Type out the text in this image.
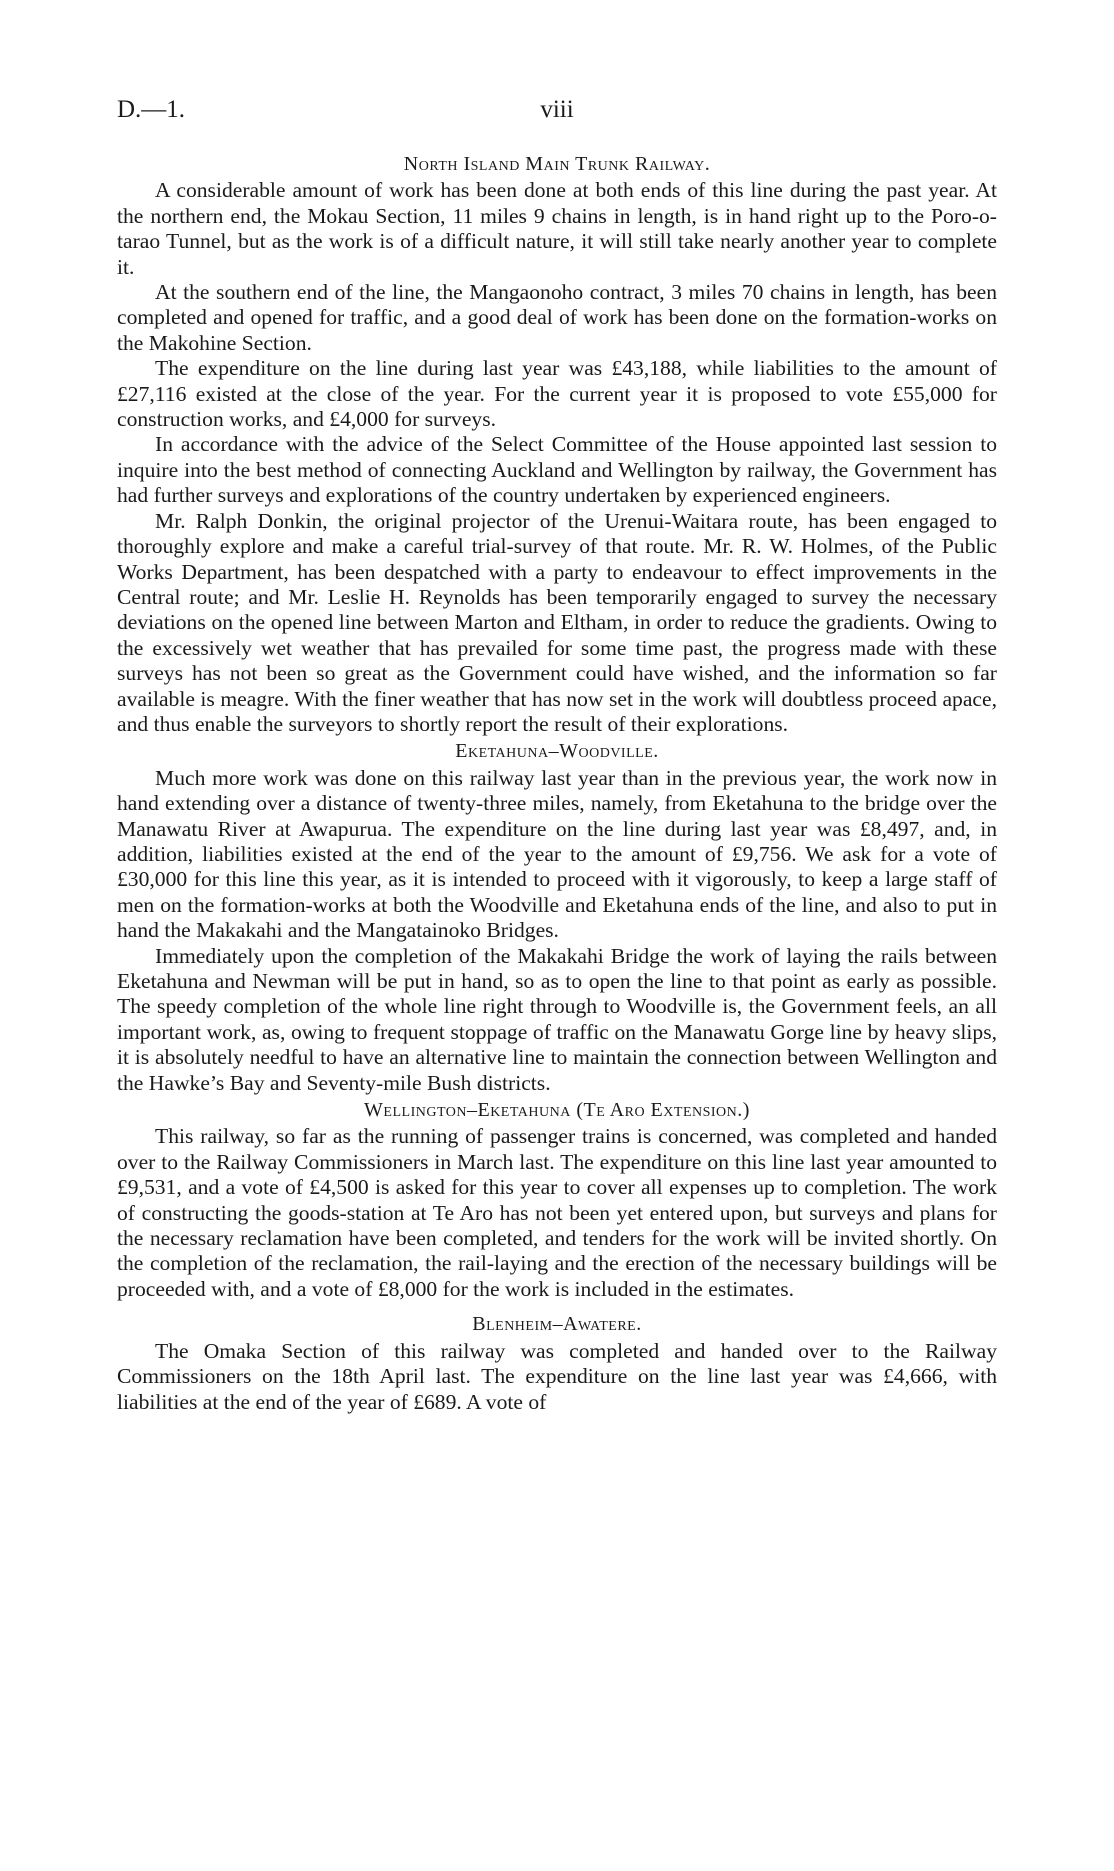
D.—1.	viii
North Island Main Trunk Railway.

A considerable amount of work has been done at both ends of this line during the past year. At the northern end, the Mokau Section, 11 miles 9 chains in length, is in hand right up to the Poro-o-tarao Tunnel, but as the work is of a difficult nature, it will still take nearly another year to complete it.

At the southern end of the line, the Mangaonoho contract, 3 miles 70 chains in length, has been completed and opened for traffic, and a good deal of work has been done on the formation-works on the Makohine Section.

The expenditure on the line during last year was £43,188, while liabilities to the amount of £27,116 existed at the close of the year. For the current year it is proposed to vote £55,000 for construction works, and £4,000 for surveys.

In accordance with the advice of the Select Committee of the House appointed last session to inquire into the best method of connecting Auckland and Wellington by railway, the Government has had further surveys and explorations of the country undertaken by experienced engineers.

Mr. Ralph Donkin, the original projector of the Urenui-Waitara route, has been engaged to thoroughly explore and make a careful trial-survey of that route. Mr. R. W. Holmes, of the Public Works Department, has been despatched with a party to endeavour to effect improvements in the Central route; and Mr. Leslie H. Reynolds has been temporarily engaged to survey the necessary deviations on the opened line between Marton and Eltham, in order to reduce the gradients. Owing to the excessively wet weather that has prevailed for some time past, the progress made with these surveys has not been so great as the Government could have wished, and the information so far available is meagre. With the finer weather that has now set in the work will doubtless proceed apace, and thus enable the surveyors to shortly report the result of their explorations.

Eketahuna–Woodville.

Much more work was done on this railway last year than in the previous year, the work now in hand extending over a distance of twenty-three miles, namely, from Eketahuna to the bridge over the Manawatu River at Awapurua. The expenditure on the line during last year was £8,497, and, in addition, liabilities existed at the end of the year to the amount of £9,756. We ask for a vote of £30,000 for this line this year, as it is intended to proceed with it vigorously, to keep a large staff of men on the formation-works at both the Woodville and Eketahuna ends of the line, and also to put in hand the Makakahi and the Mangatainoko Bridges.

Immediately upon the completion of the Makakahi Bridge the work of laying the rails between Eketahuna and Newman will be put in hand, so as to open the line to that point as early as possible. The speedy completion of the whole line right through to Woodville is, the Government feels, an all important work, as, owing to frequent stoppage of traffic on the Manawatu Gorge line by heavy slips, it is absolutely needful to have an alternative line to maintain the connection between Wellington and the Hawke’s Bay and Seventy-mile Bush districts.

Wellington–Eketahuna (Te Aro Extension.)

This railway, so far as the running of passenger trains is concerned, was completed and handed over to the Railway Commissioners in March last. The expenditure on this line last year amounted to £9,531, and a vote of £4,500 is asked for this year to cover all expenses up to completion. The work of constructing the goods-station at Te Aro has not been yet entered upon, but surveys and plans for the necessary reclamation have been completed, and tenders for the work will be invited shortly. On the completion of the reclamation, the rail-laying and the erection of the necessary buildings will be proceeded with, and a vote of £8,000 for the work is included in the estimates.

Blenheim–Awatere.

The Omaka Section of this railway was completed and handed over to the Railway Commissioners on the 18th April last. The expenditure on the line last year was £4,666, with liabilities at the end of the year of £689. A vote of
